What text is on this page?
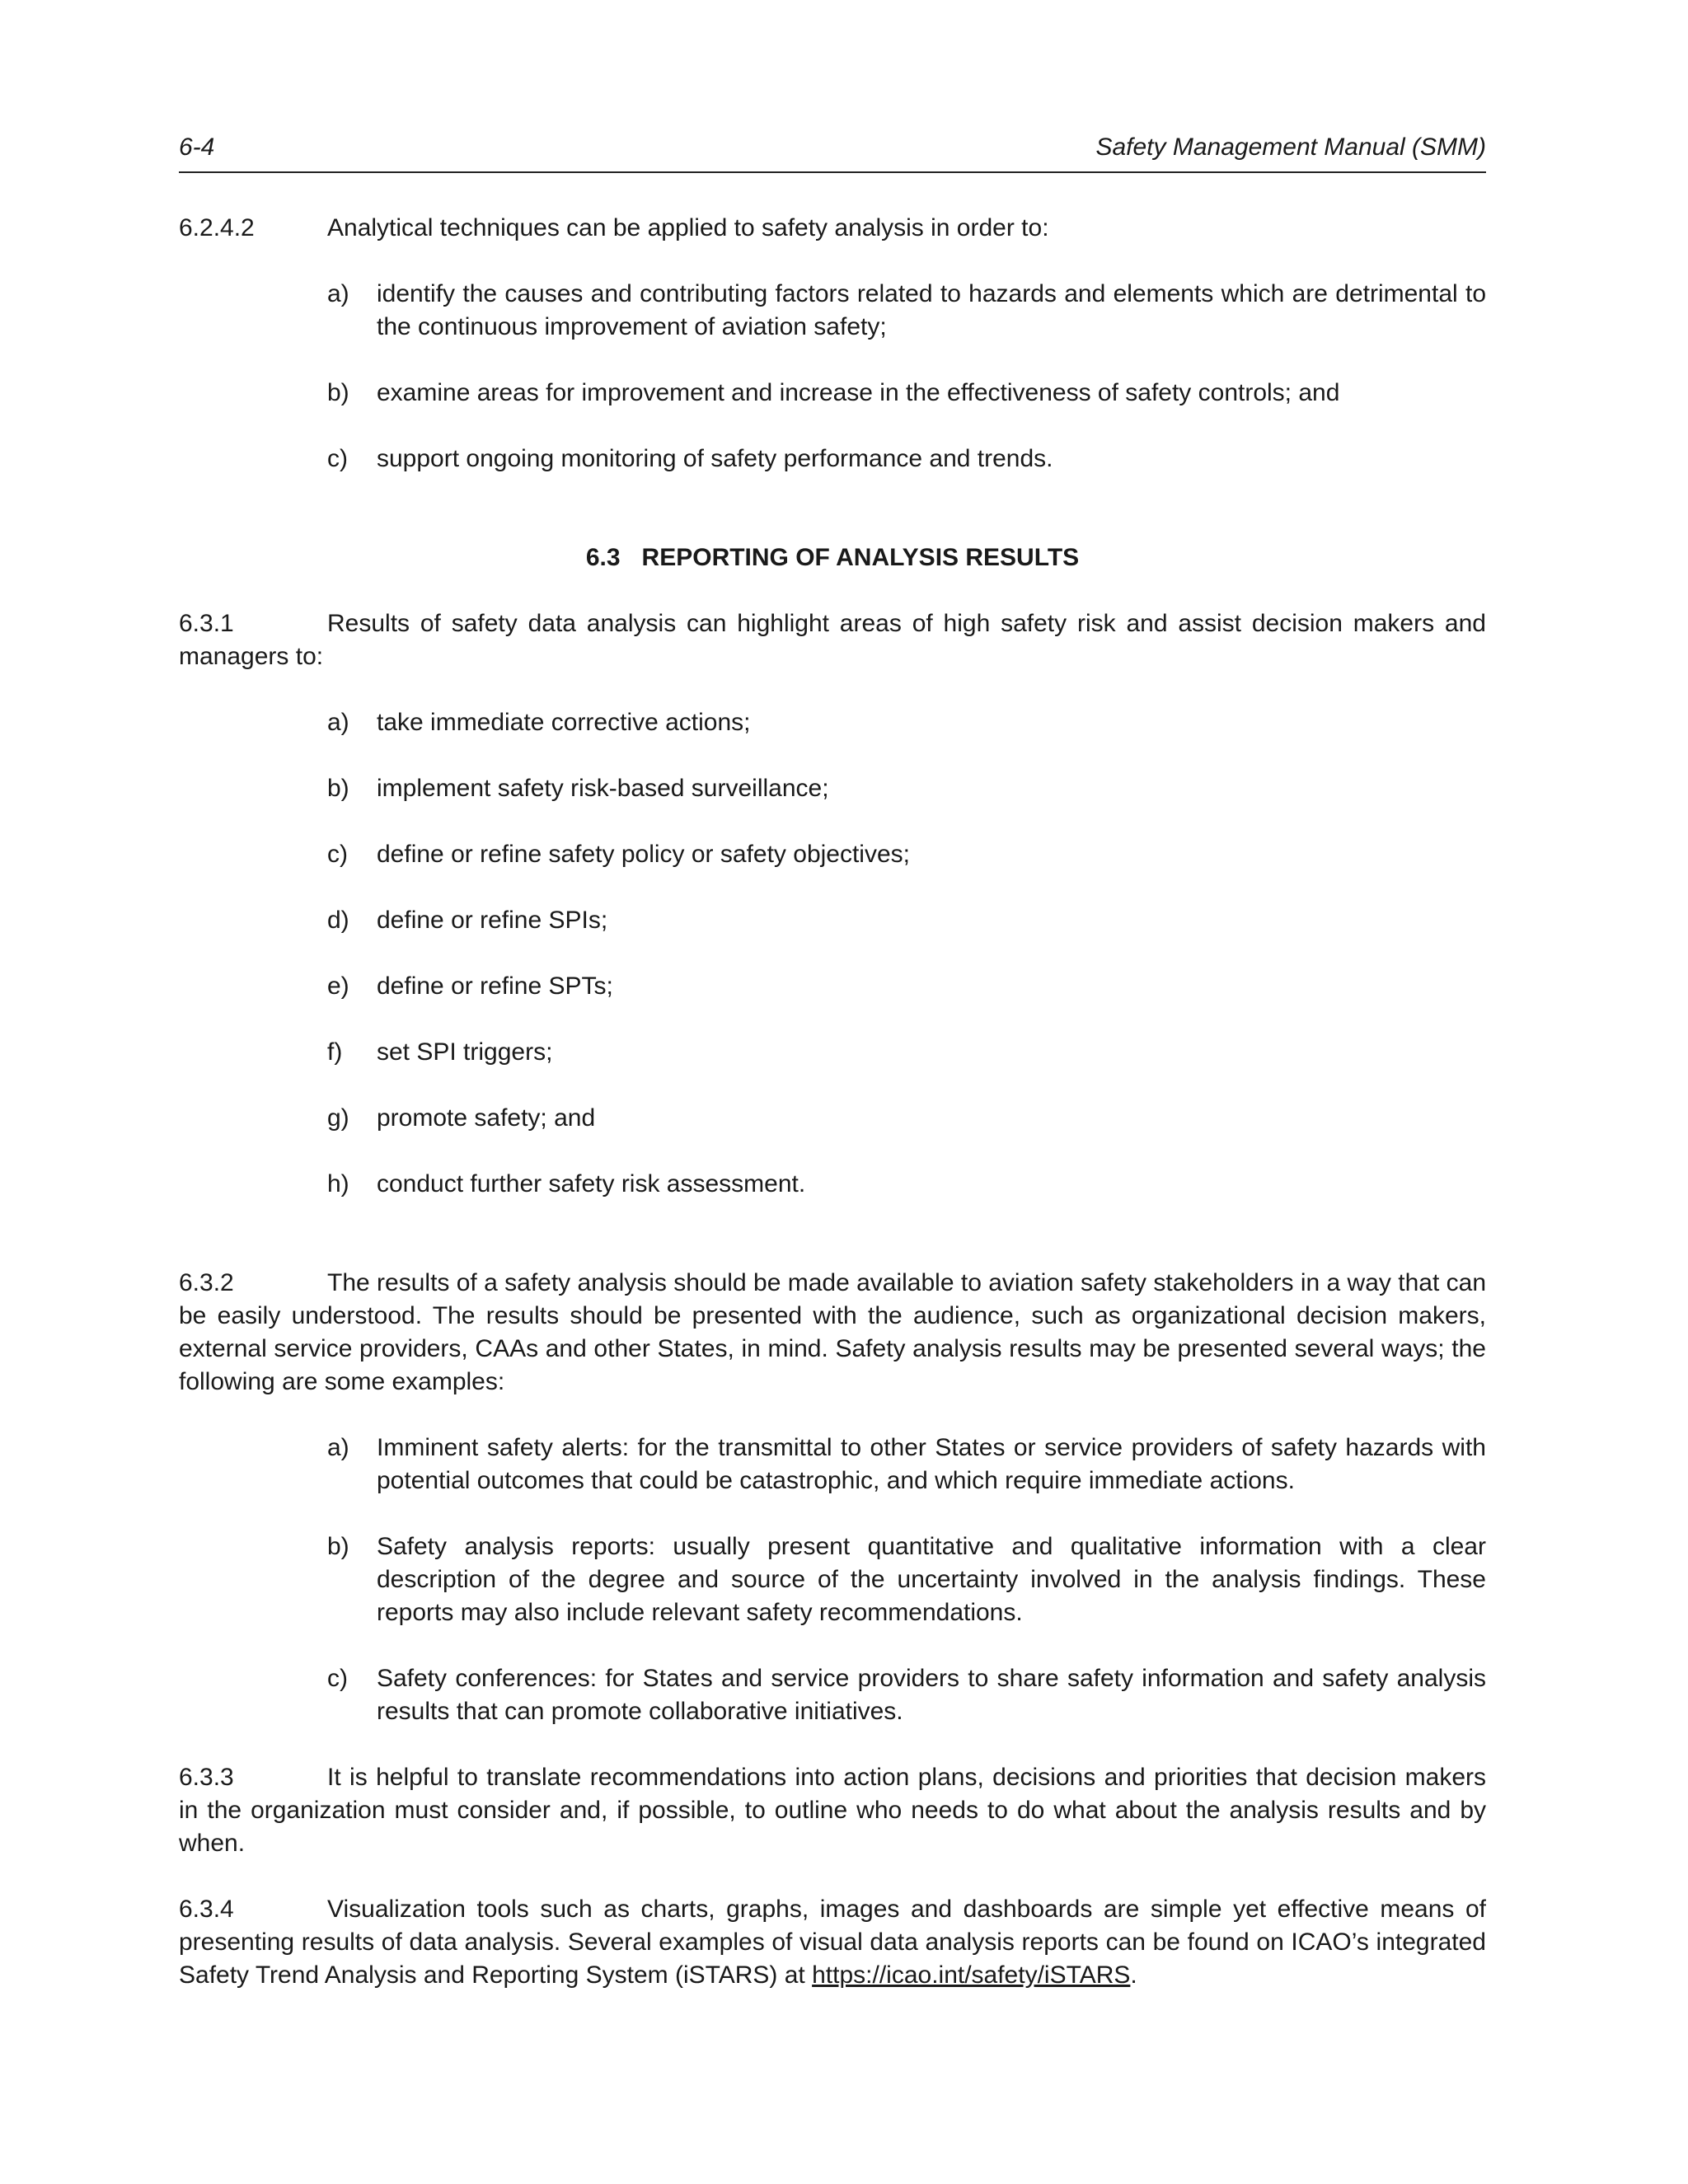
6-4	Safety Management Manual (SMM)

6.2.4.2	Analytical techniques can be applied to safety analysis in order to:

a) identify the causes and contributing factors related to hazards and elements which are detrimental to the continuous improvement of aviation safety;
b) examine areas for improvement and increase in the effectiveness of safety controls; and
c) support ongoing monitoring of safety performance and trends.

6.3 REPORTING OF ANALYSIS RESULTS

6.3.1	Results of safety data analysis can highlight areas of high safety risk and assist decision makers and managers to:

a) take immediate corrective actions;
b) implement safety risk-based surveillance;
c) define or refine safety policy or safety objectives;
d) define or refine SPIs;
e) define or refine SPTs;
f) set SPI triggers;
g) promote safety; and
h) conduct further safety risk assessment.

6.3.2	The results of a safety analysis should be made available to aviation safety stakeholders in a way that can be easily understood. The results should be presented with the audience, such as organizational decision makers, external service providers, CAAs and other States, in mind. Safety analysis results may be presented several ways; the following are some examples:

a) Imminent safety alerts: for the transmittal to other States or service providers of safety hazards with potential outcomes that could be catastrophic, and which require immediate actions.
b) Safety analysis reports: usually present quantitative and qualitative information with a clear description of the degree and source of the uncertainty involved in the analysis findings. These reports may also include relevant safety recommendations.
c) Safety conferences: for States and service providers to share safety information and safety analysis results that can promote collaborative initiatives.

6.3.3	It is helpful to translate recommendations into action plans, decisions and priorities that decision makers in the organization must consider and, if possible, to outline who needs to do what about the analysis results and by when.

6.3.4	Visualization tools such as charts, graphs, images and dashboards are simple yet effective means of presenting results of data analysis. Several examples of visual data analysis reports can be found on ICAO’s integrated Safety Trend Analysis and Reporting System (iSTARS) at https://icao.int/safety/iSTARS.
